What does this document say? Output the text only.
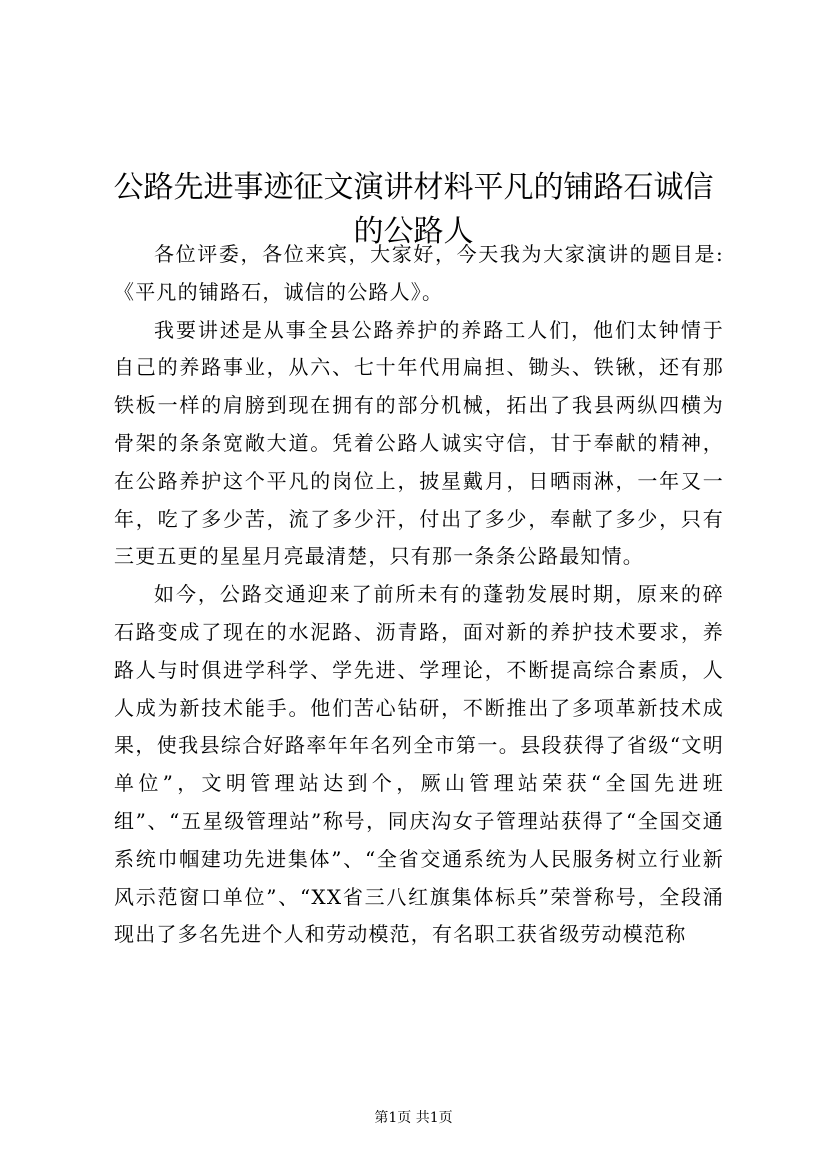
公路先进事迹征文演讲材料平凡的铺路石诚信的公路人

各位评委，各位来宾，大家好，今天我为大家演讲的题目是:《平凡的铺路石，诚信的公路人》。

我要讲述是从事全县公路养护的养路工人们，他们太钟情于自己的养路事业，从六、七十年代用扁担、锄头、铁锹，还有那铁板一样的肩膀到现在拥有的部分机械，拓出了我县两纵四横为骨架的条条宽敞大道。凭着公路人诚实守信，甘于奉献的精神，在公路养护这个平凡的岗位上，披星戴月，日晒雨淋，一年又一年，吃了多少苦，流了多少汗，付出了多少，奉献了多少，只有三更五更的星星月亮最清楚，只有那一条条公路最知情。

如今，公路交通迎来了前所未有的蓬勃发展时期，原来的碎石路变成了现在的水泥路、沥青路，面对新的养护技术要求，养路人与时俱进学科学、学先进、学理论，不断提高综合素质，人人成为新技术能手。他们苦心钻研，不断推出了多项革新技术成果，使我县综合好路率年年名列全市第一。县段获得了省级“文明单位”，文明管理站达到个，厥山管理站荣获“全国先进班组”、“五星级管理站”称号，同庆沟女子管理站获得了“全国交通系统巾帼建功先进集体”、“全省交通系统为人民服务树立行业新风示范窗口单位”、“XX省三八红旗集体标兵”荣誉称号，全段涌现出了多名先进个人和劳动模范，有名职工获省级劳动模范称

第1页 共1页
